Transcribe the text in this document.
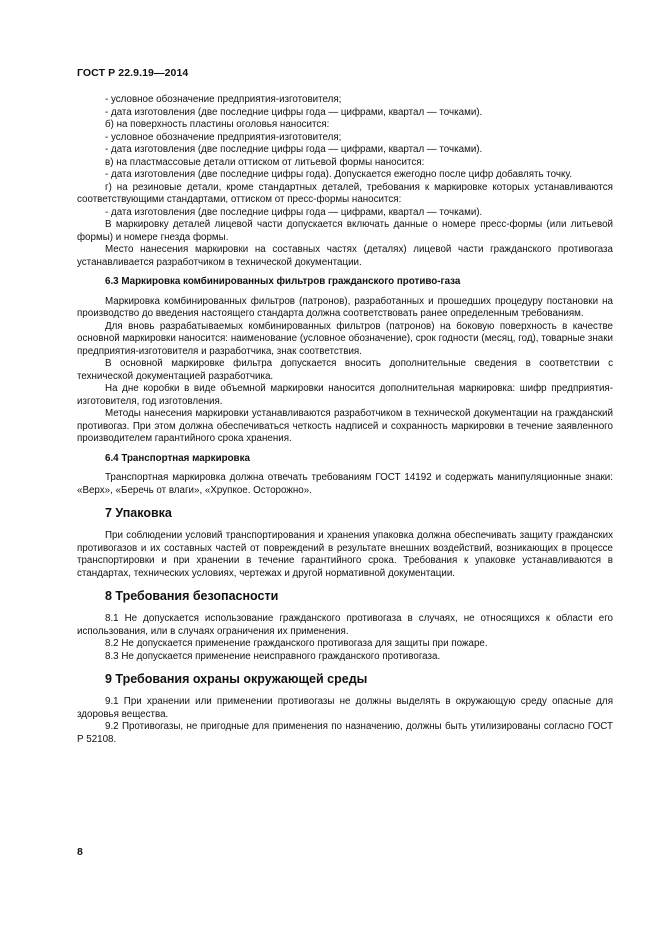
ГОСТ Р 22.9.19—2014

- условное обозначение предприятия-изготовителя;

- дата изготовления (две последние цифры года — цифрами, квартал — точками).

б) на поверхность пластины оголовья наносится:

- условное обозначение предприятия-изготовителя;

- дата изготовления (две последние цифры года — цифрами, квартал — точками).

в) на пластмассовые детали оттиском от литьевой формы наносится:

- дата изготовления (две последние цифры года). Допускается ежегодно после цифр добавлять точку.

г) на резиновые детали, кроме стандартных деталей, требования к маркировке которых устанавливаются соответствующими стандартами, оттиском от пресс-формы наносится:

- дата изготовления (две последние цифры года — цифрами, квартал — точками).

В маркировку деталей лицевой части допускается включать данные о номере пресс-формы (или литьевой формы) и номере гнезда формы.

Место нанесения маркировки на составных частях (деталях) лицевой части гражданского противогаза устанавливается разработчиком в технической документации.

6.3 Маркировка комбинированных фильтров гражданского противо-газа

Маркировка комбинированных фильтров (патронов), разработанных и прошедших процедуру постановки на производство до введения настоящего стандарта должна соответствовать ранее определенным требованиям.

Для вновь разрабатываемых комбинированных фильтров (патронов) на боковую поверхность в качестве основной маркировки наносится: наименование (условное обозначение), срок годности (месяц, год), товарные знаки предприятия-изготовителя и разработчика, знак соответствия.

В основной маркировке фильтра допускается вносить дополнительные сведения в соответствии с технической документацией разработчика.

На дне коробки в виде объемной маркировки наносится дополнительная маркировка: шифр предприятия-изготовителя, год изготовления.

Методы нанесения маркировки устанавливаются разработчиком в технической документации на гражданский противогаз. При этом должна обеспечиваться четкость надписей и сохранность маркировки в течение заявленного производителем гарантийного срока хранения.

6.4 Транспортная маркировка

Транспортная маркировка должна отвечать требованиям ГОСТ 14192 и содержать манипуляционные знаки: «Верх», «Беречь от влаги», «Хрупкое. Осторожно».

7 Упаковка

При соблюдении условий транспортирования и хранения упаковка должна обеспечивать защиту гражданских противогазов и их составных частей от повреждений в результате внешних воздействий, возникающих в процессе транспортировки и при хранении в течение гарантийного срока. Требования к упаковке устанавливаются в стандартах, технических условиях, чертежах и другой нормативной документации.

8 Требования безопасности

8.1 Не допускается использование гражданского противогаза в случаях, не относящихся к области его использования, или в случаях ограничения их применения.

8.2 Не допускается применение гражданского противогаза для защиты при пожаре.

8.3 Не допускается применение неисправного гражданского противогаза.

9 Требования охраны окружающей среды

9.1 При хранении или применении противогазы не должны выделять в окружающую среду опасные для здоровья вещества.

9.2 Противогазы, не пригодные для применения по назначению, должны быть утилизированы согласно ГОСТ Р 52108.

8
